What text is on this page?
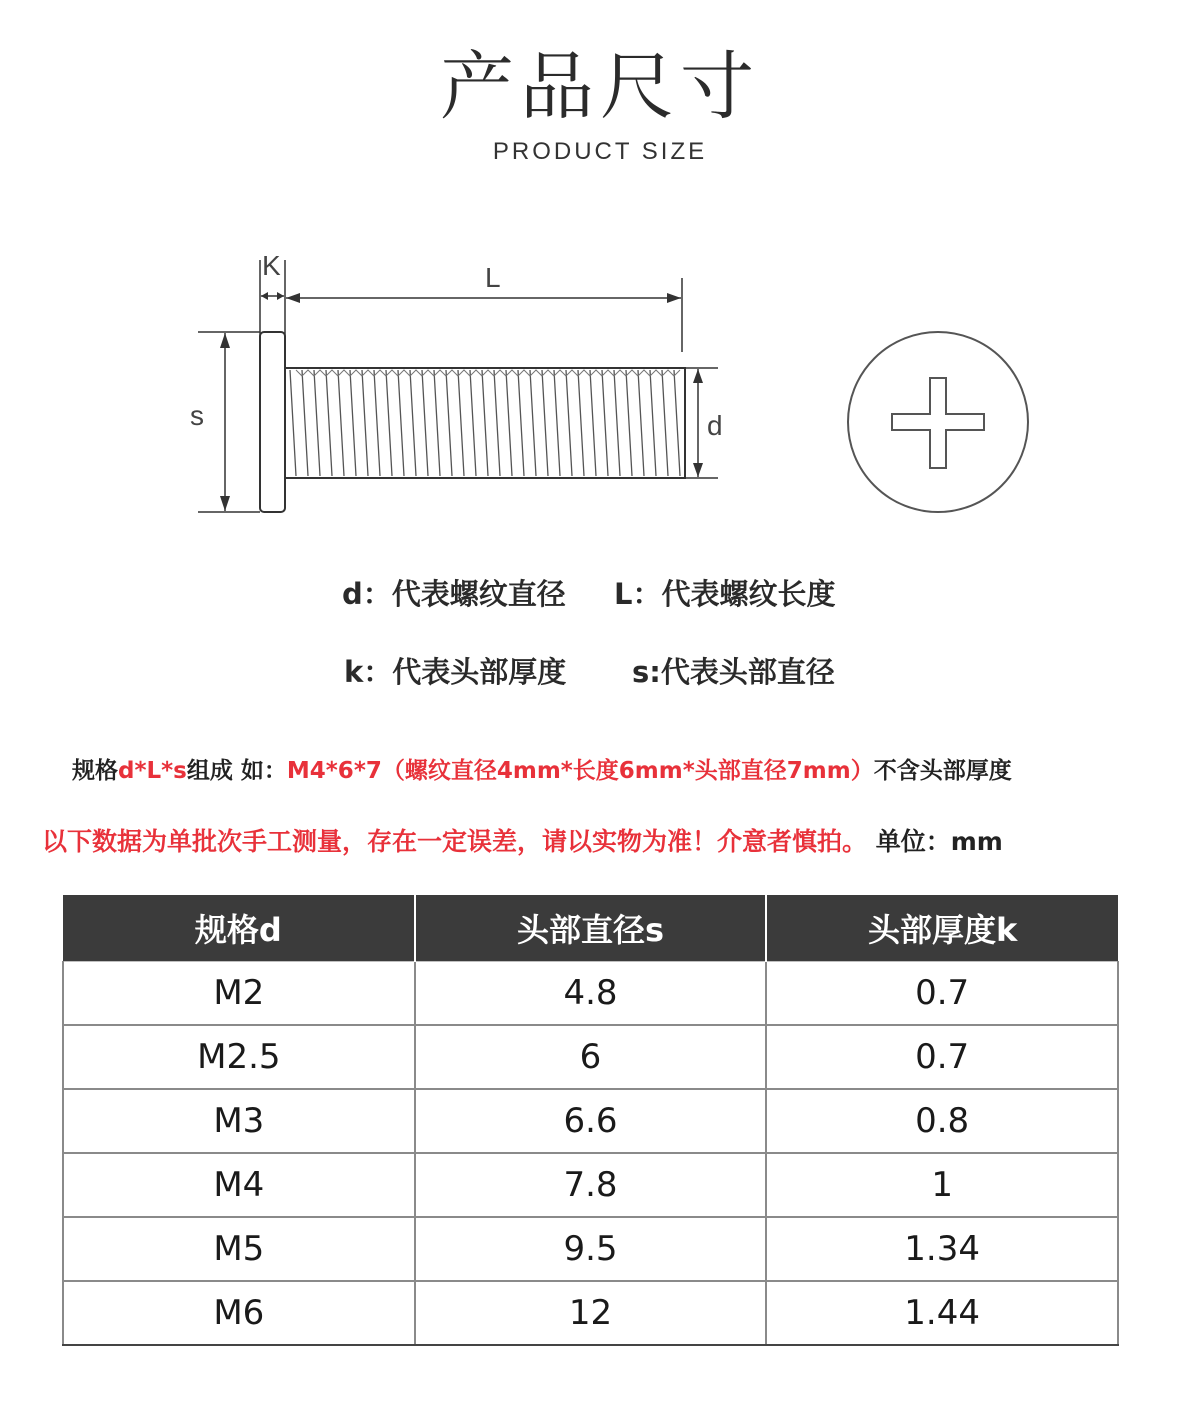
产品尺寸
PRODUCT SIZE
K	L
s	d
d：代表螺纹直径 L：代表螺纹长度
k：代表头部厚度 s:代表头部直径
规格d*L*s组成 如：M4*6*7（螺纹直径4mm*长度6mm*头部直径7mm）不含头部厚度
以下数据为单批次手工测量，存在一定误差，请以实物为准！介意者慎拍。 单位：mm
规格d	头部直径s	头部厚度k
M2	4.8	0.7
M2.5	6	0.7
M3	6.6	0.8
M4	7.8	1
M5	9.5	1.34
M6	12	1.44
